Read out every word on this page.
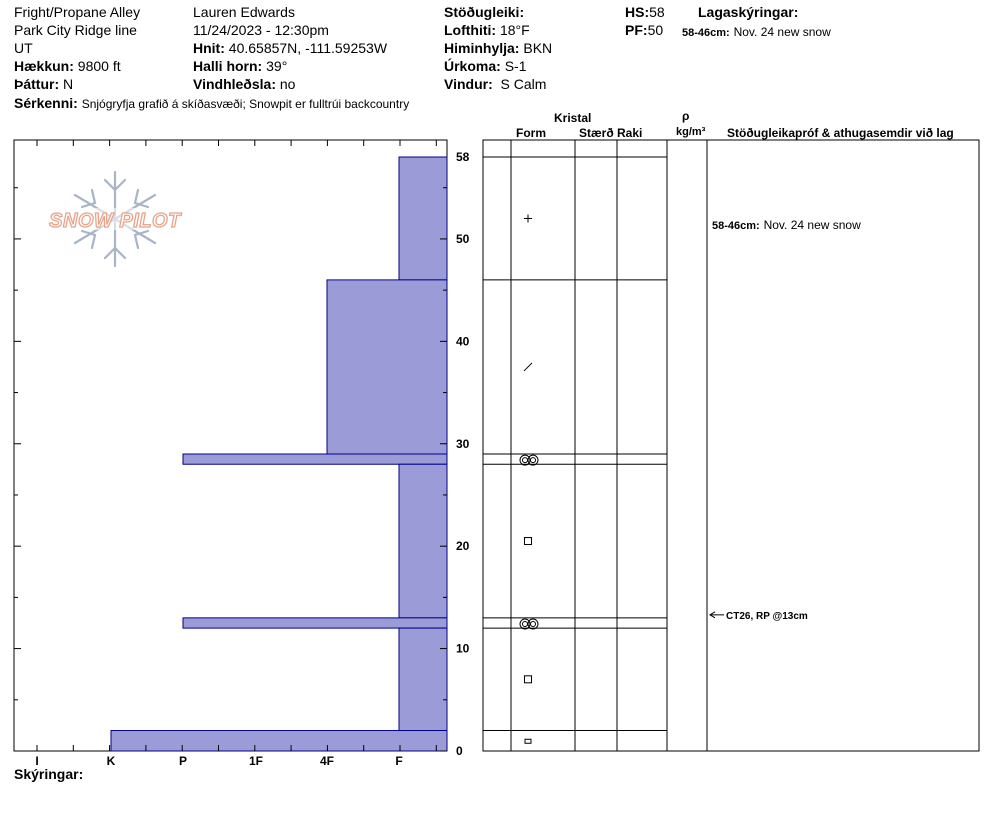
Fright/Propane Alley
Park City Ridge line
UT
Hækkun: 9800 ft
Þáttur: N
Sérkenni: Snjógryfja grafið á skíðasvæði; Snowpit er fulltrúi backcountry
Lauren Edwards
11/24/2023 - 12:30pm
Hnit: 40.65857N, -111.59253W
Halli horn: 39°
Vindhleðsla: no
Stöðugleiki:
Lofthiti: 18°F
Himinhylja: BKN
Úrkoma: S-1
Vindur: S Calm
HS:58
PF:50
Lagaskýringar:
58-46cm: Nov. 24 new snow
Kristal
Form	Stærð Raki
ρ
kg/m³ Stöðugleikapróf & athugasemdir við lag
58-46cm: Nov. 24 new snow
Skýringar:
SNOW PILOT
0
10
20
30
40
50
58
I	K	P	1F	4F	F
CT26, RP @13cm
